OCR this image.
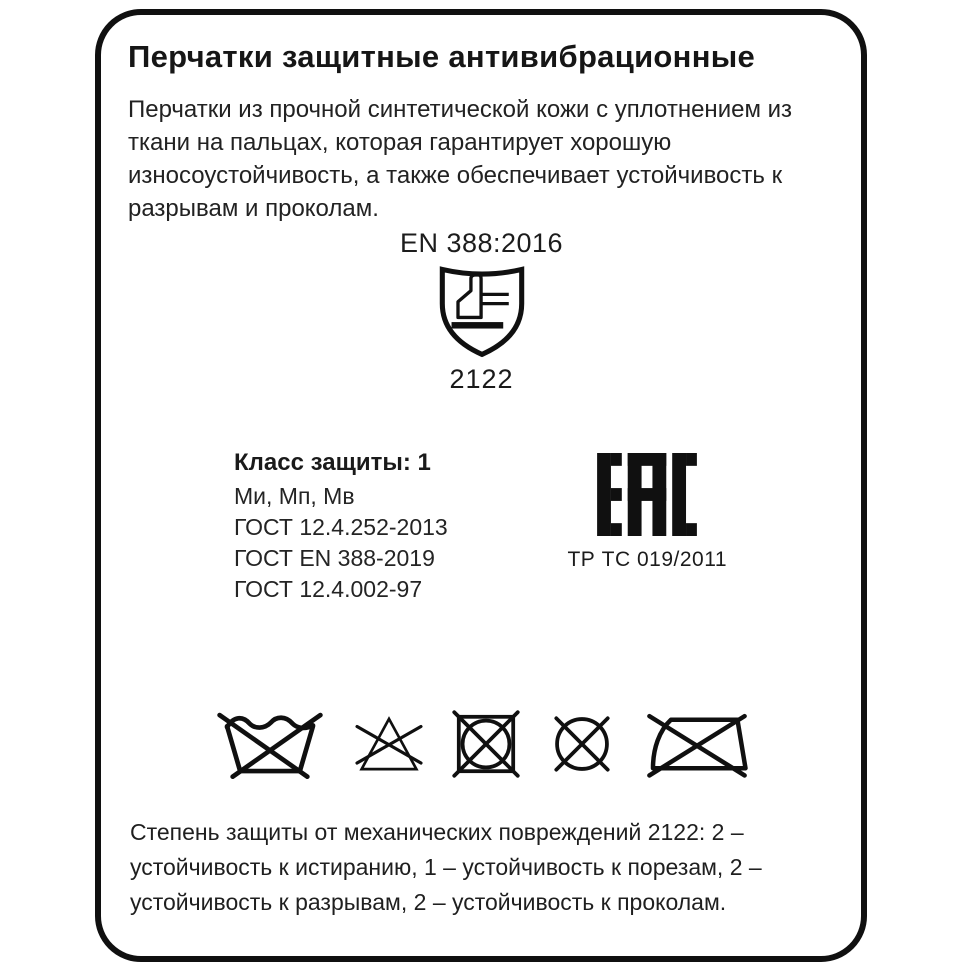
Перчатки защитные антивибрационные

Перчатки из прочной синтетической кожи с уплотнением из ткани на пальцах, которая гарантирует хорошую износоустойчивость, а также обеспечивает устойчивость к разрывам и проколам.

EN 388:2016
2122
Класс защиты: 1
Ми, Мп, Мв
ГОСТ 12.4.252-2013
ГОСТ EN 388-2019
ГОСТ 12.4.002-97
ТР ТС 019/2011

Степень защиты от механических повреждений 2122: 2 – устойчивость к истиранию, 1 – устойчивость к порезам, 2 – устойчивость к разрывам, 2 – устойчивость к проколам.
